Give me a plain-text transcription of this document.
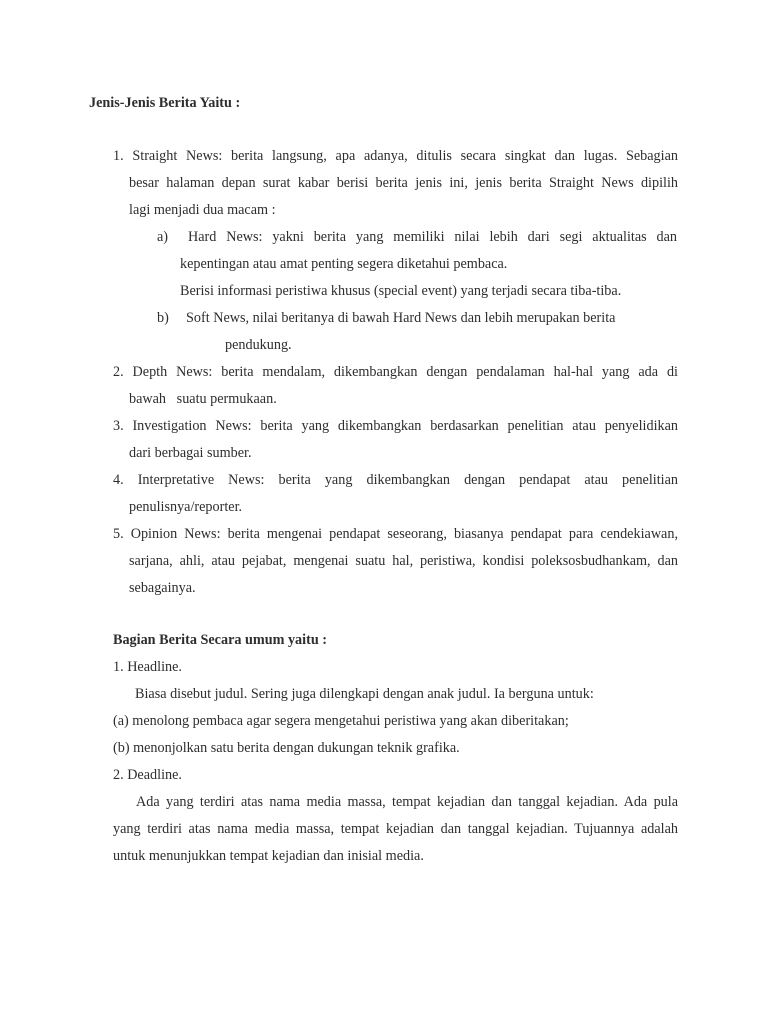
Jenis-Jenis Berita Yaitu :
1. Straight News: berita langsung, apa adanya, ditulis secara singkat dan lugas. Sebagian
besar halaman depan surat kabar berisi berita jenis ini, jenis berita Straight News dipilih
lagi menjadi dua macam :
a) Hard News: yakni berita yang memiliki nilai lebih dari segi aktualitas dan
kepentingan atau amat penting segera diketahui pembaca.
Berisi informasi peristiwa khusus (special event) yang terjadi secara tiba-tiba.
b) Soft News, nilai beritanya di bawah Hard News dan lebih merupakan berita
pendukung.
2. Depth News: berita mendalam, dikembangkan dengan pendalaman hal-hal yang ada di
bawah   suatu permukaan.
3. Investigation News: berita yang dikembangkan berdasarkan penelitian atau penyelidikan
dari berbagai sumber.
4. Interpretative News: berita yang dikembangkan dengan pendapat atau penelitian
penulisnya/reporter.
5. Opinion News: berita mengenai pendapat seseorang, biasanya pendapat para cendekiawan,
sarjana, ahli, atau pejabat, mengenai suatu hal, peristiwa, kondisi poleksosbudhankam, dan
sebagainya.
Bagian Berita Secara umum yaitu :
1. Headline.
Biasa disebut judul. Sering juga dilengkapi dengan anak judul. Ia berguna untuk:
(a) menolong pembaca agar segera mengetahui peristiwa yang akan diberitakan;
(b) menonjolkan satu berita dengan dukungan teknik grafika.
2. Deadline.
Ada yang terdiri atas nama media massa, tempat kejadian dan tanggal kejadian. Ada pula
yang terdiri atas nama media massa, tempat kejadian dan tanggal kejadian. Tujuannya adalah
untuk menunjukkan tempat kejadian dan inisial media.
